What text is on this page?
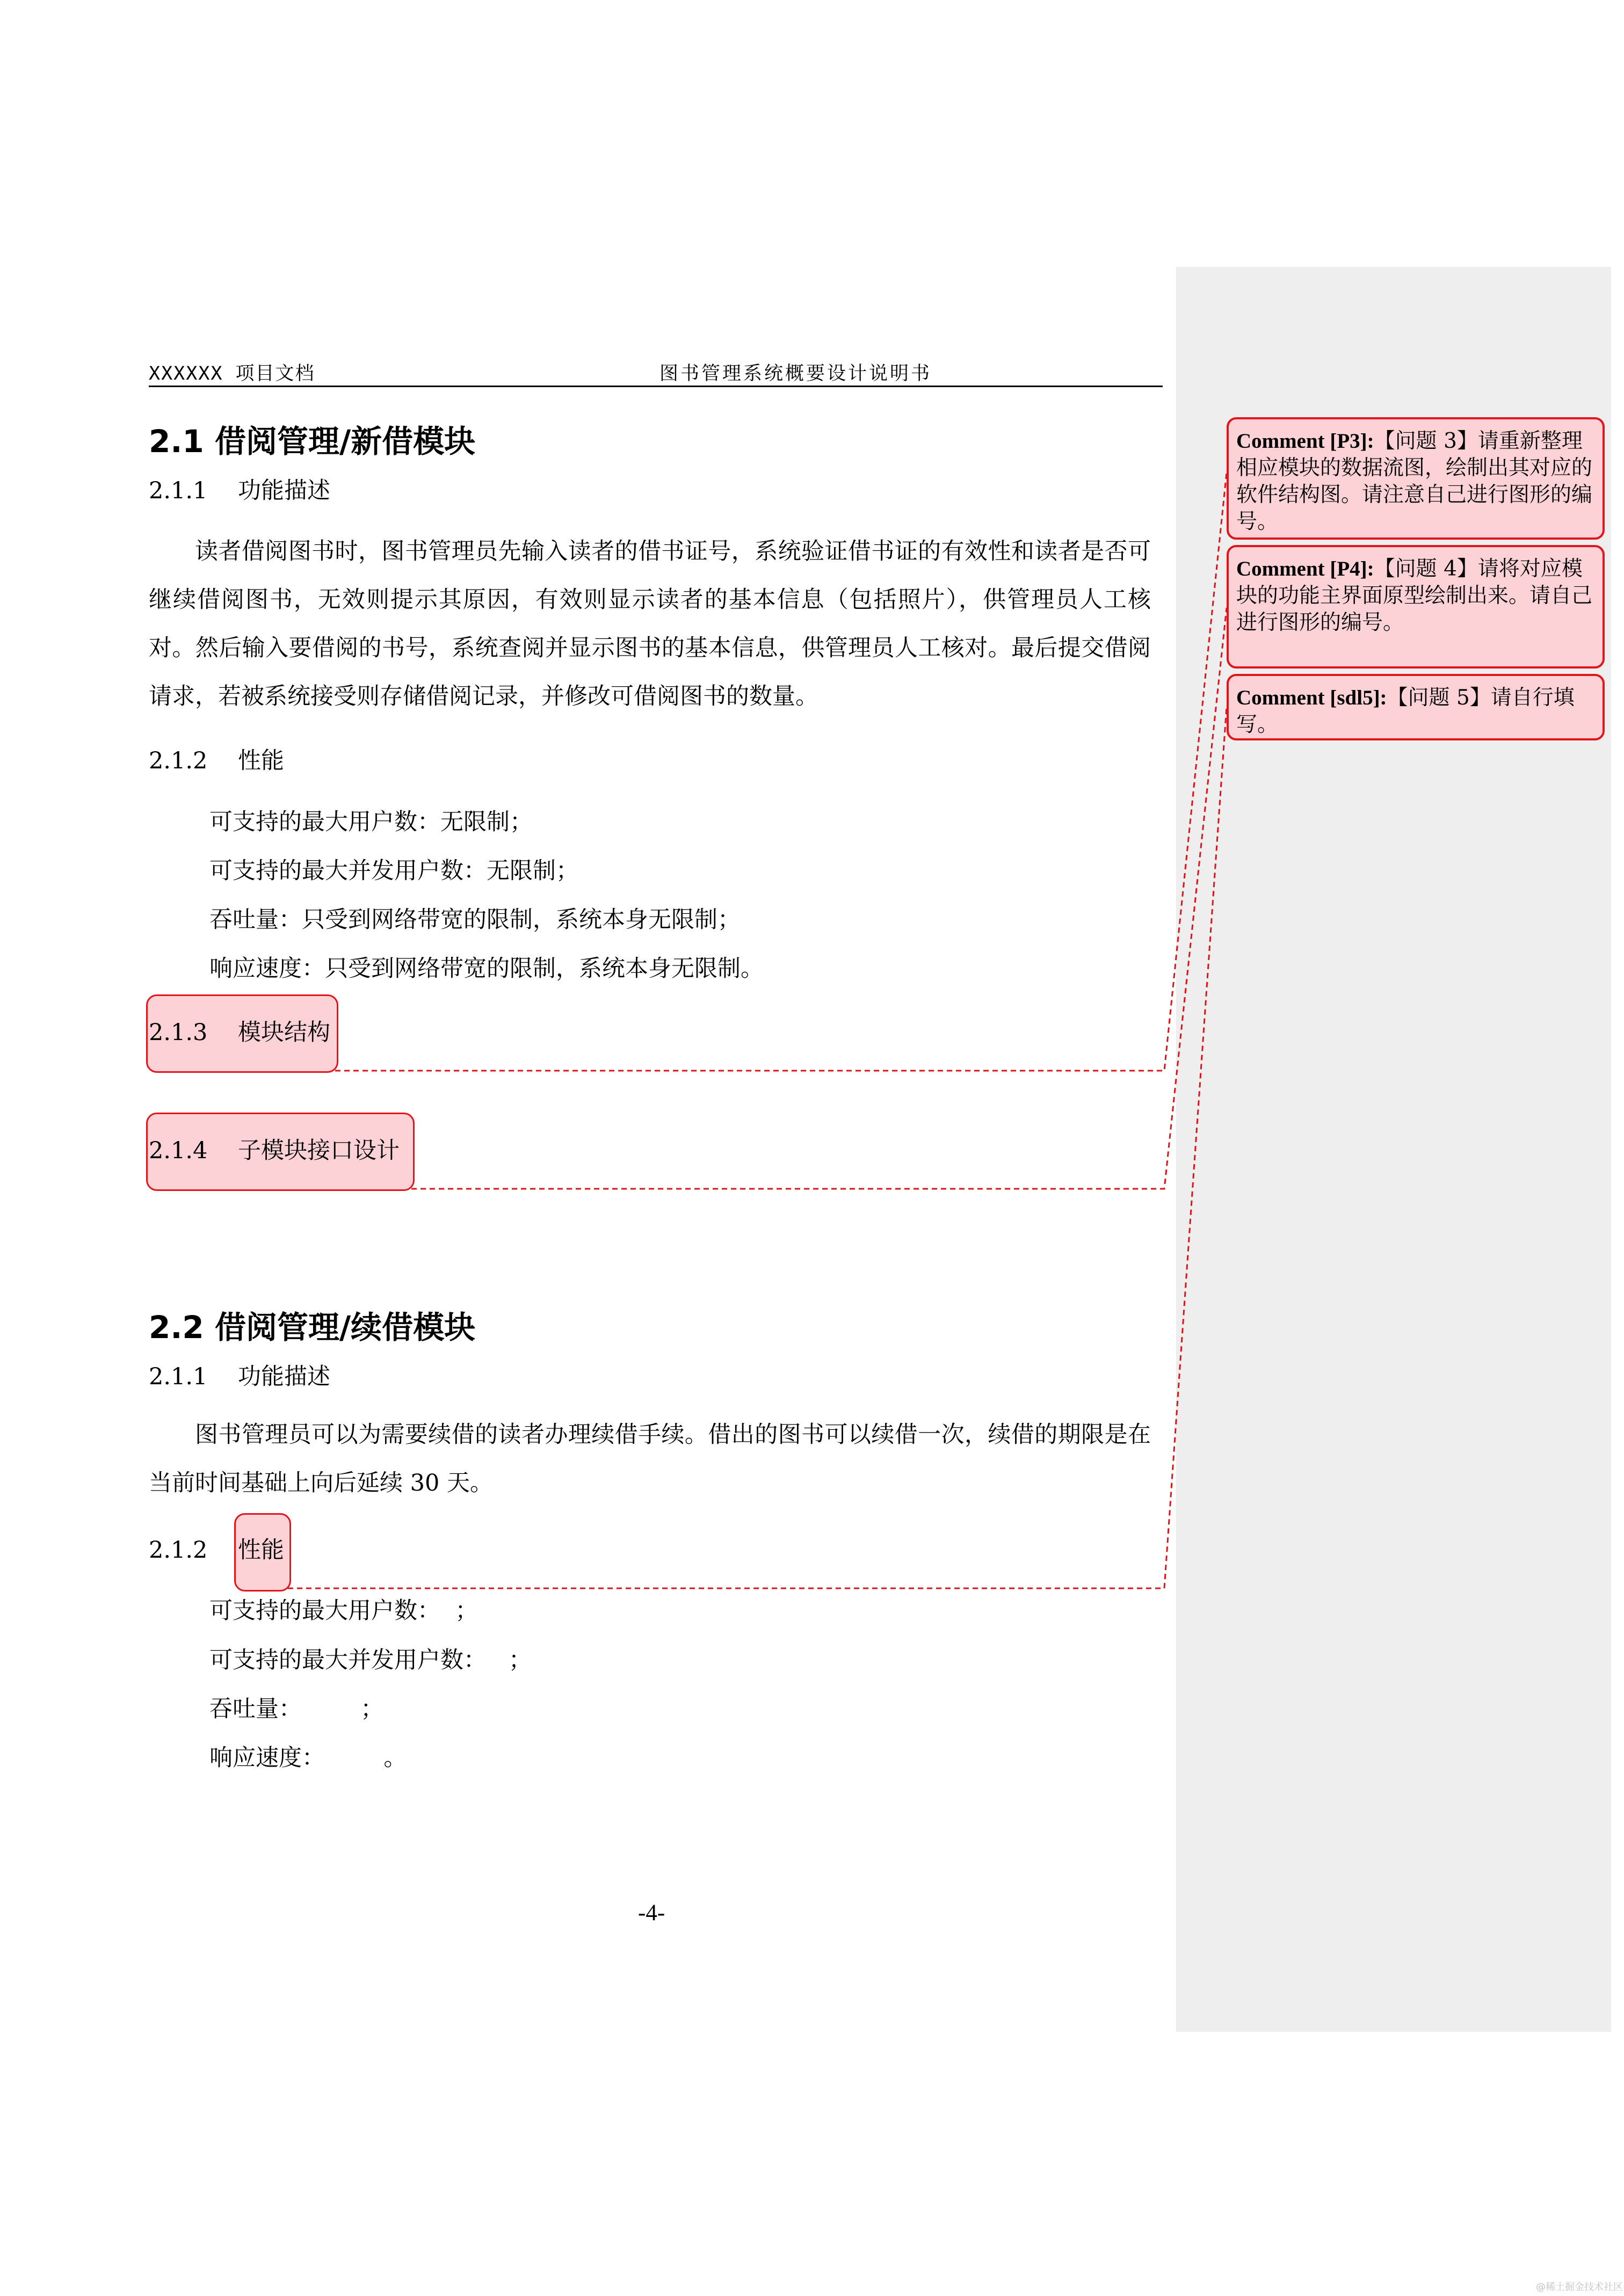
XXXXXX 项目文档	图书管理系统概要设计说明书
2.1 借阅管理/新借模块
2.1.1 功能描述
读者借阅图书时，图书管理员先输入读者的借书证号，系统验证借书证的有效性和读者是否可继续借阅图书，无效则提示其原因，有效则显示读者的基本信息（包括照片），供管理员人工核对。然后输入要借阅的书号，系统查阅并显示图书的基本信息，供管理员人工核对。最后提交借阅请求，若被系统接受则存储借阅记录，并修改可借阅图书的数量。
2.1.2 性能
可支持的最大用户数：无限制；
可支持的最大并发用户数：无限制；
吞吐量：只受到网络带宽的限制，系统本身无限制；
响应速度：只受到网络带宽的限制，系统本身无限制。
2.1.3 模块结构
2.1.4 子模块接口设计
2.2 借阅管理/续借模块
2.1.1 功能描述
图书管理员可以为需要续借的读者办理续借手续。借出的图书可以续借一次，续借的期限是在当前时间基础上向后延续 30 天。
2.1.2 性能
可支持的最大用户数：  ；
可支持的最大并发用户数：   ；
吞吐量：        ；
响应速度：        。
Comment [P3]:【问题 3】请重新整理相应模块的数据流图，绘制出其对应的软件结构图。请注意自己进行图形的编号。
Comment [P4]:【问题 4】请将对应模块的功能主界面原型绘制出来。请自己进行图形的编号。
Comment [sdl5]:【问题 5】请自行填写。
-4-
@稀土掘金技术社区
